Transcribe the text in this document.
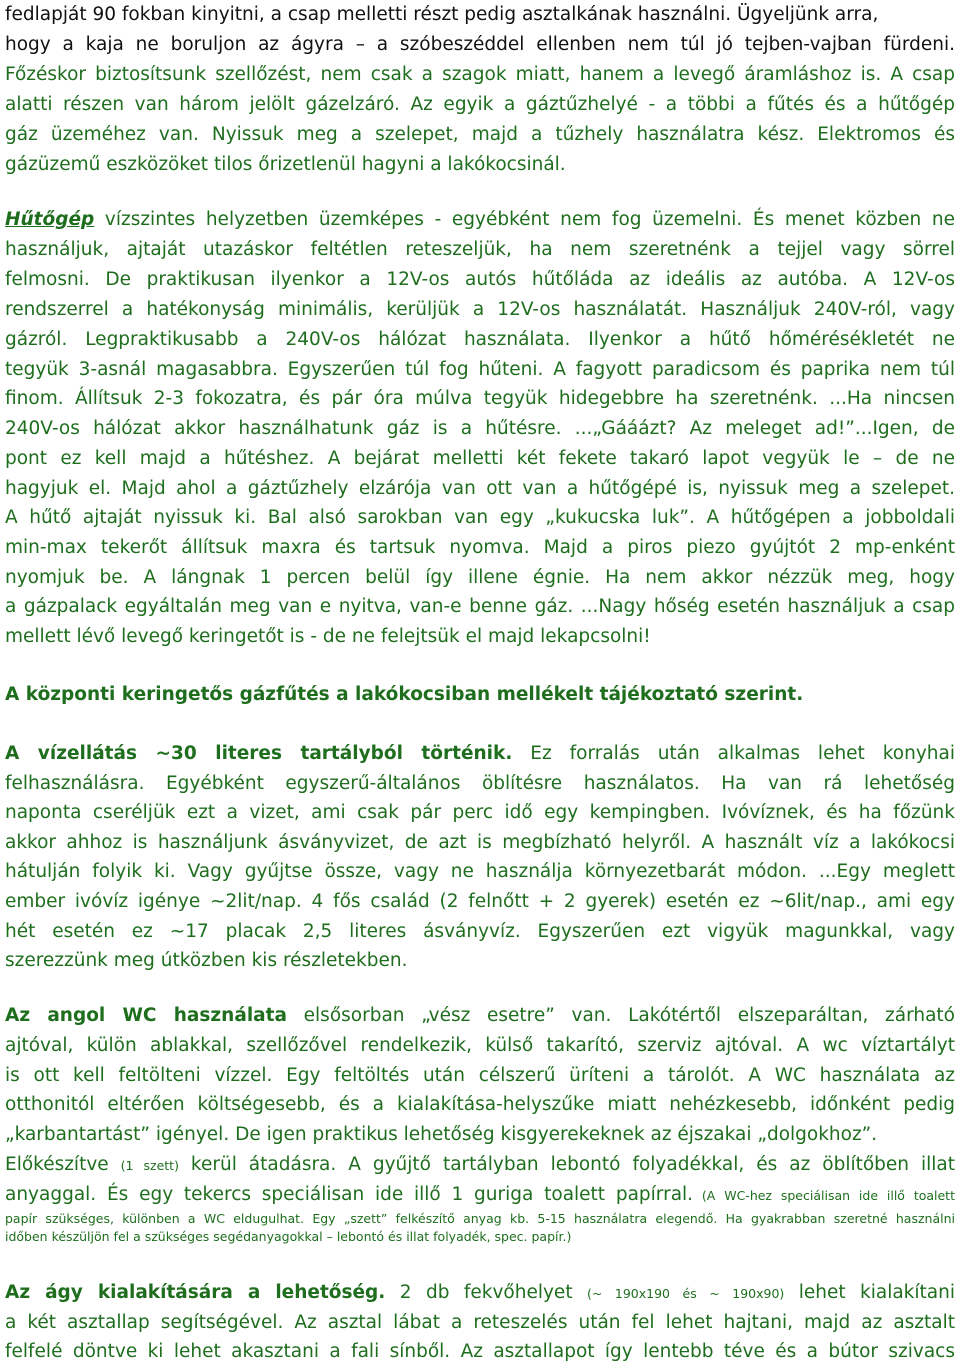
fedlapját 90 fokban kinyitni, a csap melletti részt pedig asztalkának használni. Ügyeljünk arra,
hogy a kaja ne boruljon az ágyra – a szóbeszéddel ellenben nem túl jó tejben-vajban fürdeni.
Főzéskor biztosítsunk szellőzést, nem csak a szagok miatt, hanem a levegő áramláshoz is. A csap
alatti részen van három jelölt gázelzáró. Az egyik a gáztűzhelyé - a többi a fűtés és a hűtőgép
gáz üzeméhez van. Nyissuk meg a szelepet, majd a tűzhely használatra kész. Elektromos és
gázüzemű eszközöket tilos őrizetlenül hagyni a lakókocsinál.
Hűtőgép vízszintes helyzetben üzemképes - egyébként nem fog üzemelni. És menet közben ne
használjuk, ajtaját utazáskor feltétlen reteszeljük, ha nem szeretnénk a tejjel vagy sörrel
felmosni. De praktikusan ilyenkor a 12V-os autós hűtőláda az ideális az autóba. A 12V-os
rendszerrel a hatékonyság minimális, kerüljük a 12V-os használatát. Használjuk 240V-ról, vagy
gázról. Legpraktikusabb a 240V-os hálózat használata. Ilyenkor a hűtő hőmérésékletét ne
tegyük 3-asnál magasabbra. Egyszerűen túl fog hűteni. A fagyott paradicsom és paprika nem túl
finom. Állítsuk 2-3 fokozatra, és pár óra múlva tegyük hidegebbre ha szeretnénk. ...Ha nincsen
240V-os hálózat akkor használhatunk gáz is a hűtésre. ...„Gááázt? Az meleget ad!”...Igen, de
pont ez kell majd a hűtéshez. A bejárat melletti két fekete takaró lapot vegyük le – de ne
hagyjuk el. Majd ahol a gáztűzhely elzárója van ott van a hűtőgépé is, nyissuk meg a szelepet.
A hűtő ajtaját nyissuk ki. Bal alsó sarokban van egy „kukucska luk”. A hűtőgépen a jobboldali
min-max tekerőt állítsuk maxra és tartsuk nyomva. Majd a piros piezo gyújtót 2 mp-enként
nyomjuk be. A lángnak 1 percen belül így illene égnie. Ha nem akkor nézzük meg, hogy
a gázpalack egyáltalán meg van e nyitva, van-e benne gáz. ...Nagy hőség esetén használjuk a csap
mellett lévő levegő keringetőt is - de ne felejtsük el majd lekapcsolni!
A központi keringetős gázfűtés a lakókocsiban mellékelt tájékoztató szerint.
A vízellátás ~30 literes tartályból történik. Ez forralás után alkalmas lehet konyhai
felhasználásra. Egyébként egyszerű-általános öblítésre használatos. Ha van rá lehetőség
naponta cseréljük ezt a vizet, ami csak pár perc idő egy kempingben. Ivóvíznek, és ha főzünk
akkor ahhoz is használjunk ásványvizet, de azt is megbízható helyről. A használt víz a lakókocsi
hátulján folyik ki. Vagy gyűjtse össze, vagy ne használja környezetbarát módon. ...Egy meglett
ember ivóvíz igénye ~2lit/nap. 4 fős család (2 felnőtt + 2 gyerek) esetén ez ~6lit/nap., ami egy
hét esetén ez ~17 placak 2,5 literes ásványvíz. Egyszerűen ezt vigyük magunkkal, vagy
szerezzünk meg útközben kis részletekben.
Az angol WC használata elsősorban „vész esetre” van. Lakótértől elszeparáltan, zárható
ajtóval, külön ablakkal, szellőzővel rendelkezik, külső takarító, szerviz ajtóval. A wc víztartályt
is ott kell feltölteni vízzel. Egy feltöltés után célszerű üríteni a tárolót. A WC használata az
otthonitól eltérően költségesebb, és a kialakítása-helyszűke miatt nehézkesebb, időnként pedig
„karbantartást” igényel. De igen praktikus lehetőség kisgyerekeknek az éjszakai „dolgokhoz”.
Előkészítve (1 szett) kerül átadásra. A gyűjtő tartályban lebontó folyadékkal, és az öblítőben illat
anyaggal. És egy tekercs speciálisan ide illő 1 guriga toalett papírral. (A WC-hez speciálisan ide illő toalett
papír szükséges, különben a WC eldugulhat. Egy „szett” felkészítő anyag kb. 5-15 használatra elegendő. Ha gyakrabban szeretné használni
időben készüljön fel a szükséges segédanyagokkal – lebontó és illat folyadék, spec. papír.)
Az ágy kialakítására a lehetőség. 2 db fekvőhelyet (~ 190x190 és ~ 190x90) lehet kialakítani
a két asztallap segítségével. Az asztal lábat a reteszelés után fel lehet hajtani, majd az asztalt
felfelé döntve ki lehet akasztani a fali sínből. Az asztallapot így lentebb téve és a bútor szivacs
